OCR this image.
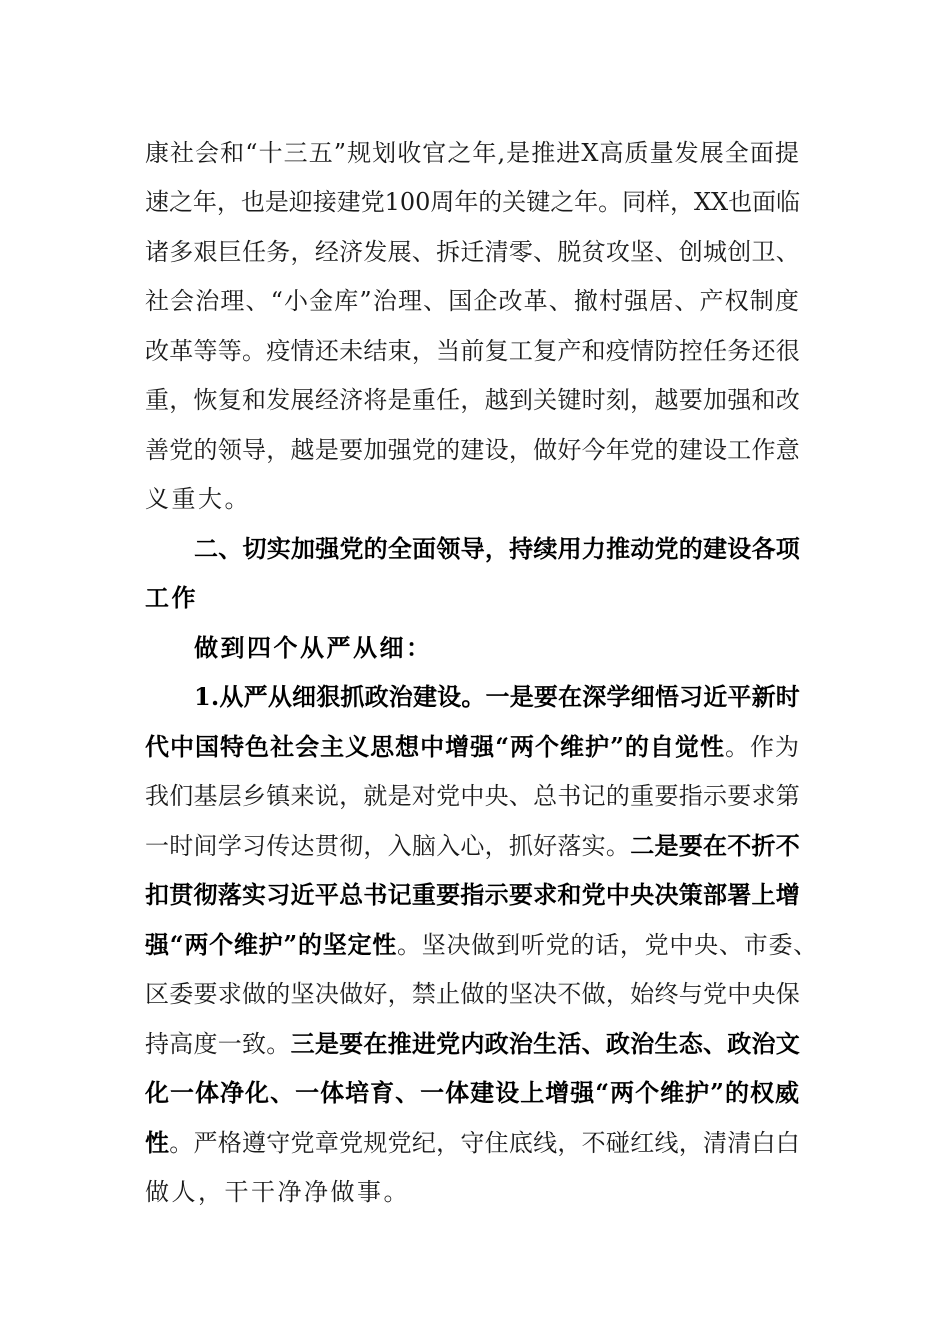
康社会和“十三五”规划收官之年,是推进X高质量发展全面提
速之年，也是迎接建党100周年的关键之年。同样，XX也面临
诸多艰巨任务，经济发展、拆迁清零、脱贫攻坚、创城创卫、
社会治理、“小金库”治理、国企改革、撤村强居、产权制度
改革等等。疫情还未结束，当前复工复产和疫情防控任务还很
重，恢复和发展经济将是重任，越到关键时刻，越要加强和改
善党的领导，越是要加强党的建设，做好今年党的建设工作意
义重大。
二、切实加强党的全面领导，持续用力推动党的建设各项
工作
做到四个从严从细：
1.从严从细狠抓政治建设。一是要在深学细悟习近平新时
代中国特色社会主义思想中增强“两个维护”的自觉性。作为
我们基层乡镇来说，就是对党中央、总书记的重要指示要求第
一时间学习传达贯彻，入脑入心，抓好落实。二是要在不折不
扣贯彻落实习近平总书记重要指示要求和党中央决策部署上增
强“两个维护”的坚定性。坚决做到听党的话，党中央、市委、
区委要求做的坚决做好，禁止做的坚决不做，始终与党中央保
持高度一致。三是要在推进党内政治生活、政治生态、政治文
化一体净化、一体培育、一体建设上增强“两个维护”的权威
性。严格遵守党章党规党纪，守住底线，不碰红线，清清白白
做人，干干净净做事。
